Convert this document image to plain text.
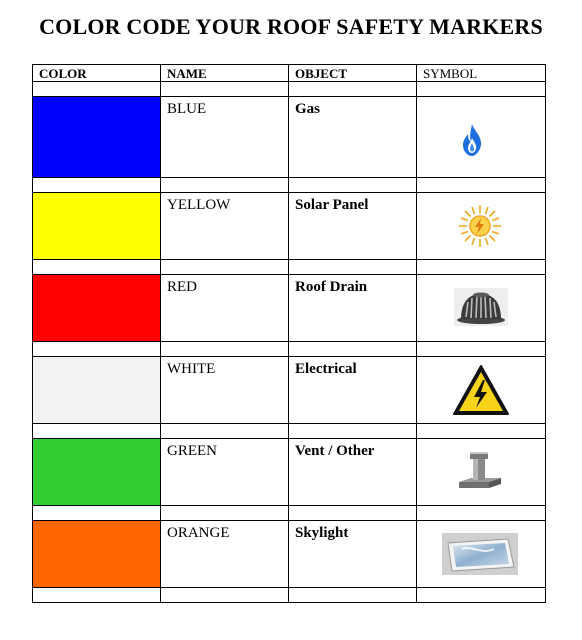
COLOR CODE YOUR ROOF SAFETY MARKERS
COLOR	NAME	OBJECT	SYMBOL

	BLUE	Gas

	YELLOW	Solar Panel

	RED	Roof Drain

	WHITE	Electrical

	GREEN	Vent / Other

	ORANGE	Skylight
